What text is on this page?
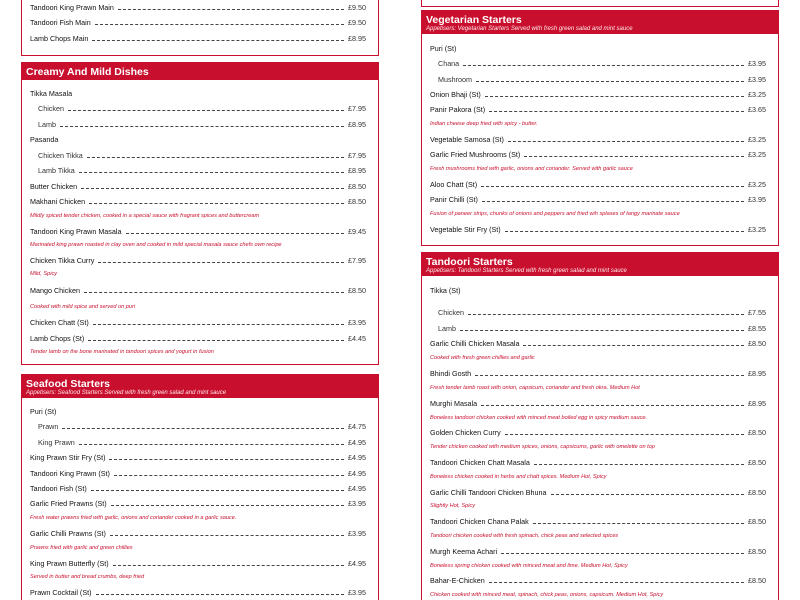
Tandoori King Prawn Main	£9.50
Tandoori Fish Main	£9.50
Lamb Chops Main	£8.95
Creamy And Mild Dishes
Tikka Masala
Chicken	£7.95
Lamb	£8.95
Pasanda
Chicken Tikka	£7.95
Lamb Tikka	£8.95
Butter Chicken	£8.50
Makhani Chicken	£8.50
Mildly spiced tender chicken, cooked in a special sauce with fragrant spices and buttercream
Tandoori King Prawn Masala	£9.45
Marinated king prawn roasted in clay oven and cooked in mild special masala sauce chefs own recipe
Chicken Tikka Curry	£7.95
Mild, Spicy
Mango Chicken	£8.50
Cooked with mild spice and served on puri
Chicken Chatt (St)	£3.95
Lamb Chops (St)	£4.45
Tender lamb on the bone marinated in tandoori spices and yogurt in fusion
Seafood Starters
Appetisers: Seafood Starters Served with fresh green salad and mint sauce
Puri (St)
Prawn	£4.75
King Prawn	£4.95
King Prawn Stir Fry (St)	£4.95
Tandoori King Prawn (St)	£4.95
Tandoori Fish (St)	£4.95
Garlic Fried Prawns (St)	£3.95
Fresh water prawns fried with garlic, onions and coriander cooked in a garlic sauce.
Garlic Chilli Prawns (St)	£3.95
Prawns fried with garlic and green chillies
King Prawn Butterfly (St)	£4.95
Served in butter and bread crumbs, deep fried
Prawn Cocktail (St)	£3.95
Vegetarian Starters
Appetisers: Vegetarian Starters Served with fresh green salad and mint sauce
Puri (St)
Chana	£3.95
Mushroom	£3.95
Onion Bhaji (St)	£3.25
Panir Pakora (St)	£3.65
Indian cheese deep fried with spicy - butter.
Vegetable Samosa (St)	£3.25
Garlic Fried Mushrooms (St)	£3.25
Fresh mushrooms fried with garlic, onions and coriander. Served with garlic sauce
Aloo Chatt (St)	£3.25
Panir Chilli (St)	£3.95
Fusion of paneer strips, chunks of onions and peppers and fried wih splases of tangy marinate sauce
Vegetable Stir Fry (St)	£3.25
Tandoori Starters
Appetisers: Tandoori Starters Served with fresh green salad and mint sauce
Tikka (St)
Chicken	£7.55
Lamb	£8.55
Garlic Chilli Chicken Masala	£8.50
Cooked with fresh green chillies and garlic
Bhindi Gosth	£8.95
Fresh tender lamb roast with onion, capsicum, coriander and fresh okra. Medium Hot
Murghi Masala	£8.95
Boneless tandoori chicken cooked with minced meat boiled egg in spicy medium sauce.
Golden Chicken Curry	£8.50
Tender chicken cooked with medium spices, onions, capsicums, garlic with omelette on top
Tandoori Chicken Chatt Masala	£8.50
Boneless chicken cooked in herbs and chatt spices. Medium Hot, Spicy
Garlic Chilli Tandoori Chicken Bhuna	£8.50
Slightly Hot, Spicy
Tandoori Chicken Chana Palak	£8.50
Tandoori chicken cooked with fresh spinach, chick peas and selected spices
Murgh Keema Achari	£8.50
Boneless spring chicken cooked with minced meat and lime. Medium Hot, Spicy
Bahar-E-Chicken	£8.50
Chicken cooked with minced meat, spinach, chick peas, onions, capsicum. Medium Hot, Spicy
